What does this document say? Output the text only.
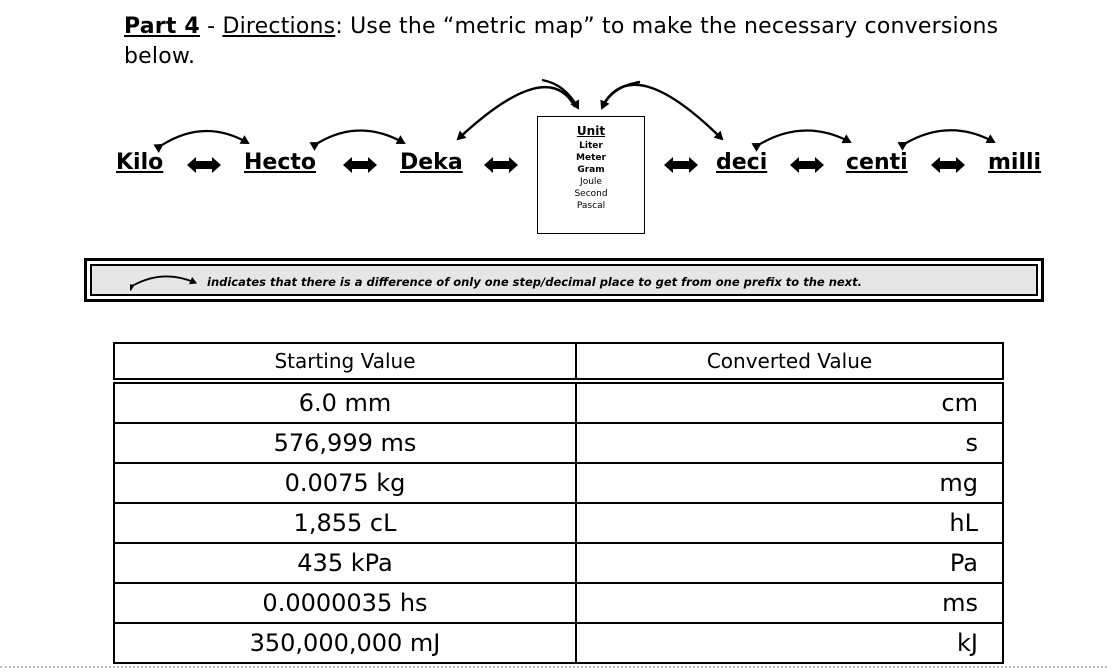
Part 4 - Directions: Use the “metric map” to make the necessary conversions below.
Kilo	Hecto	Deka	deci	centi	milli
Unit
Liter
Meter
Gram
Joule
Second
Pascal
indicates that there is a difference of only one step/decimal place to get from one prefix to the next.
Starting Value	Converted Value
6.0 mm	cm
576,999 ms	s
0.0075 kg	mg
1,855 cL	hL
435 kPa	Pa
0.0000035 hs	ms
350,000,000 mJ	kJ
